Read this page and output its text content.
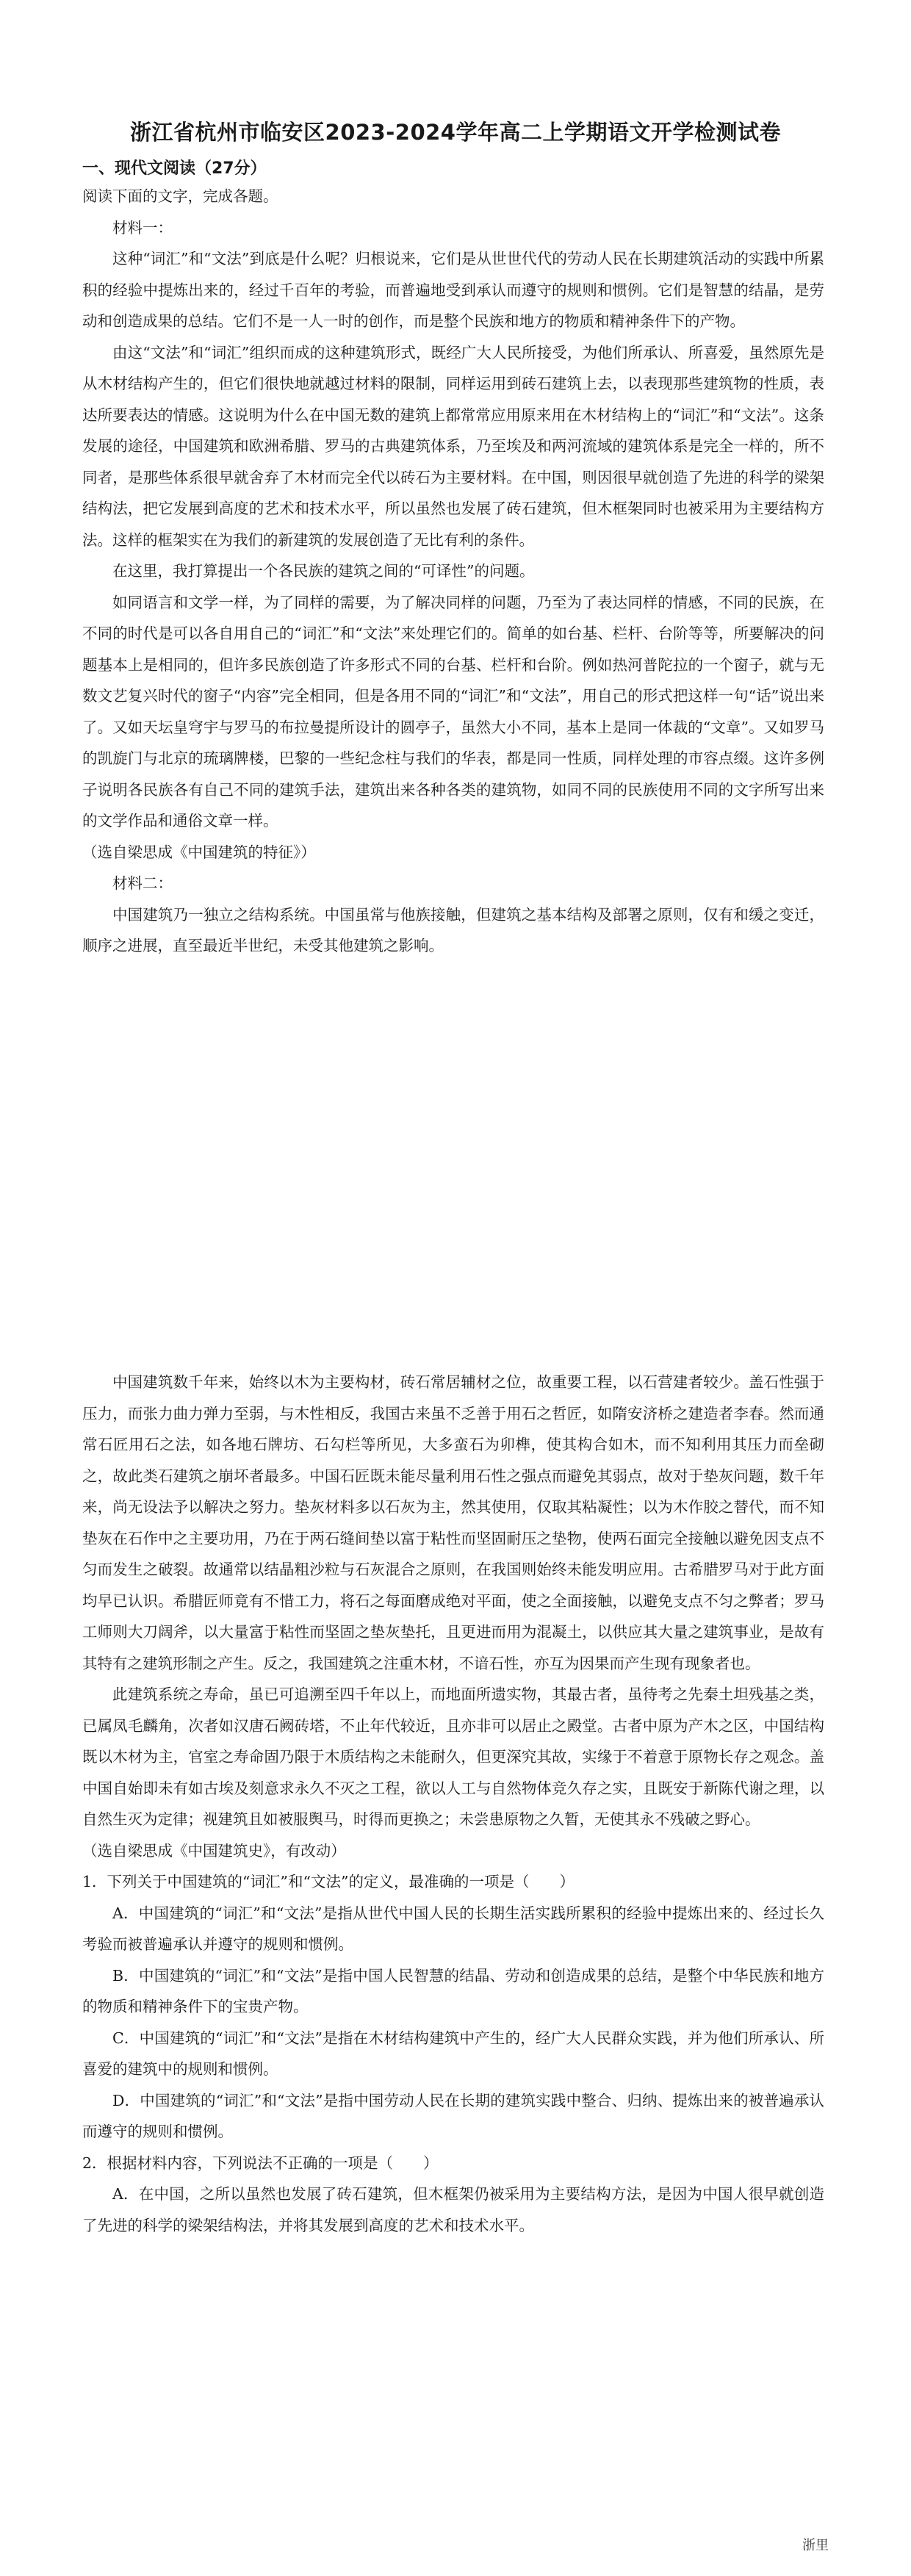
浙江省杭州市临安区2023-2024学年高二上学期语文开学检测试卷
一、现代文阅读（27分）

阅读下面的文字，完成各题。

材料一：

这种“词汇”和“文法”到底是什么呢？归根说来，它们是从世世代代的劳动人民在长期建筑活动的实践中所累积的经验中提炼出来的，经过千百年的考验，而普遍地受到承认而遵守的规则和惯例。它们是智慧的结晶，是劳动和创造成果的总结。它们不是一人一时的创作，而是整个民族和地方的物质和精神条件下的产物。

由这“文法”和“词汇”组织而成的这种建筑形式，既经广大人民所接受，为他们所承认、所喜爱，虽然原先是从木材结构产生的，但它们很快地就越过材料的限制，同样运用到砖石建筑上去，以表现那些建筑物的性质，表达所要表达的情感。这说明为什么在中国无数的建筑上都常常应用原来用在木材结构上的“词汇”和“文法”。这条发展的途径，中国建筑和欧洲希腊、罗马的古典建筑体系，乃至埃及和两河流域的建筑体系是完全一样的，所不同者，是那些体系很早就舍弃了木材而完全代以砖石为主要材料。在中国，则因很早就创造了先进的科学的梁架结构法，把它发展到高度的艺术和技术水平，所以虽然也发展了砖石建筑，但木框架同时也被采用为主要结构方法。这样的框架实在为我们的新建筑的发展创造了无比有利的条件。

在这里，我打算提出一个各民族的建筑之间的“可译性”的问题。

如同语言和文学一样，为了同样的需要，为了解决同样的问题，乃至为了表达同样的情感，不同的民族，在不同的时代是可以各自用自己的“词汇”和“文法”来处理它们的。简单的如台基、栏杆、台阶等等，所要解决的问题基本上是相同的，但许多民族创造了许多形式不同的台基、栏杆和台阶。例如热河普陀拉的一个窗子，就与无数文艺复兴时代的窗子“内容”完全相同，但是各用不同的“词汇”和“文法”，用自己的形式把这样一句“话”说出来了。又如天坛皇穹宇与罗马的布拉曼提所设计的圆亭子，虽然大小不同，基本上是同一体裁的“文章”。又如罗马的凯旋门与北京的琉璃牌楼，巴黎的一些纪念柱与我们的华表，都是同一性质，同样处理的市容点缀。这许多例子说明各民族各有自己不同的建筑手法，建筑出来各种各类的建筑物，如同不同的民族使用不同的文字所写出来的文学作品和通俗文章一样。

（选自梁思成《中国建筑的特征》）

材料二：

中国建筑乃一独立之结构系统。中国虽常与他族接触，但建筑之基本结构及部署之原则，仅有和缓之变迁，顺序之进展，直至最近半世纪，未受其他建筑之影响。

中国建筑数千年来，始终以木为主要构材，砖石常居辅材之位，故重要工程，以石营建者较少。盖石性强于压力，而张力曲力弹力至弱，与木性相反，我国古来虽不乏善于用石之哲匠，如隋安济桥之建造者李春。然而通常石匠用石之法，如各地石牌坊、石勾栏等所见，大多蛮石为卯榫，使其构合如木，而不知利用其压力而垒砌之，故此类石建筑之崩坏者最多。中国石匠既未能尽量利用石性之强点而避免其弱点，故对于垫灰问题，数千年来，尚无设法予以解决之努力。垫灰材料多以石灰为主，然其使用，仅取其粘凝性；以为木作胶之替代，而不知垫灰在石作中之主要功用，乃在于两石缝间垫以富于粘性而坚固耐压之垫物，使两石面完全接触以避免因支点不匀而发生之破裂。故通常以结晶粗沙粒与石灰混合之原则，在我国则始终未能发明应用。古希腊罗马对于此方面均早已认识。希腊匠师竟有不惜工力，将石之每面磨成绝对平面，使之全面接触，以避免支点不匀之弊者；罗马工师则大刀阔斧，以大量富于粘性而坚固之垫灰垫托，且更进而用为混凝土，以供应其大量之建筑事业，是故有其特有之建筑形制之产生。反之，我国建筑之注重木材，不谙石性，亦互为因果而产生现有现象者也。

此建筑系统之寿命，虽已可追溯至四千年以上，而地面所遗实物，其最古者，虽待考之先秦土坦残基之类，已属凤毛麟角，次者如汉唐石阙砖塔，不止年代较近，且亦非可以居止之殿堂。古者中原为产木之区，中国结构既以木材为主，官室之寿命固乃限于木质结构之未能耐久，但更深究其故，实缘于不着意于原物长存之观念。盖中国自始即未有如古埃及刻意求永久不灭之工程，欲以人工与自然物体竞久存之实，且既安于新陈代谢之理，以自然生灭为定律；视建筑且如被服舆马，时得而更换之；未尝患原物之久暂，无使其永不残破之野心。

（选自梁思成《中国建筑史》，有改动）

1．下列关于中国建筑的“词汇”和“文法”的定义，最准确的一项是（　　）

A．中国建筑的“词汇”和“文法”是指从世代中国人民的长期生活实践所累积的经验中提炼出来的、经过长久考验而被普遍承认并遵守的规则和惯例。

B．中国建筑的“词汇”和“文法”是指中国人民智慧的结晶、劳动和创造成果的总结，是整个中华民族和地方的物质和精神条件下的宝贵产物。

C．中国建筑的“词汇”和“文法”是指在木材结构建筑中产生的，经广大人民群众实践，并为他们所承认、所喜爱的建筑中的规则和惯例。

D．中国建筑的“词汇”和“文法”是指中国劳动人民在长期的建筑实践中整合、归纳、提炼出来的被普遍承认而遵守的规则和惯例。

2．根据材料内容，下列说法不正确的一项是（　　）

A．在中国，之所以虽然也发展了砖石建筑，但木框架仍被采用为主要结构方法，是因为中国人很早就创造了先进的科学的梁架结构法，并将其发展到高度的艺术和技术水平。

浙里
